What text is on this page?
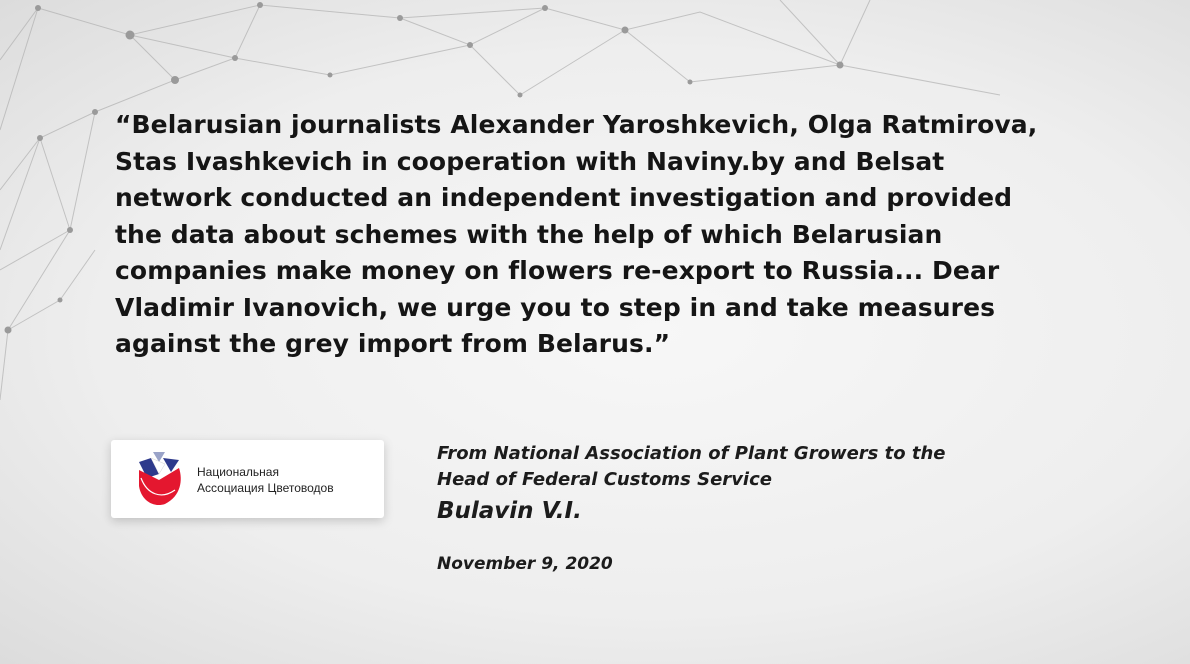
“Belarusian journalists Alexander Yaroshkevich, Olga Ratmirova,
Stas Ivashkevich in cooperation with Naviny.by and Belsat
network conducted an independent investigation and provided
the data about schemes with the help of which Belarusian
companies make money on flowers re-export to Russia... Dear
Vladimir Ivanovich, we urge you to step in and take measures
against the grey import from Belarus.”
Национальная
Ассоциация Цветоводов
From National Association of Plant Growers to the
Head of Federal Customs Service
Bulavin V.I.
November 9, 2020
